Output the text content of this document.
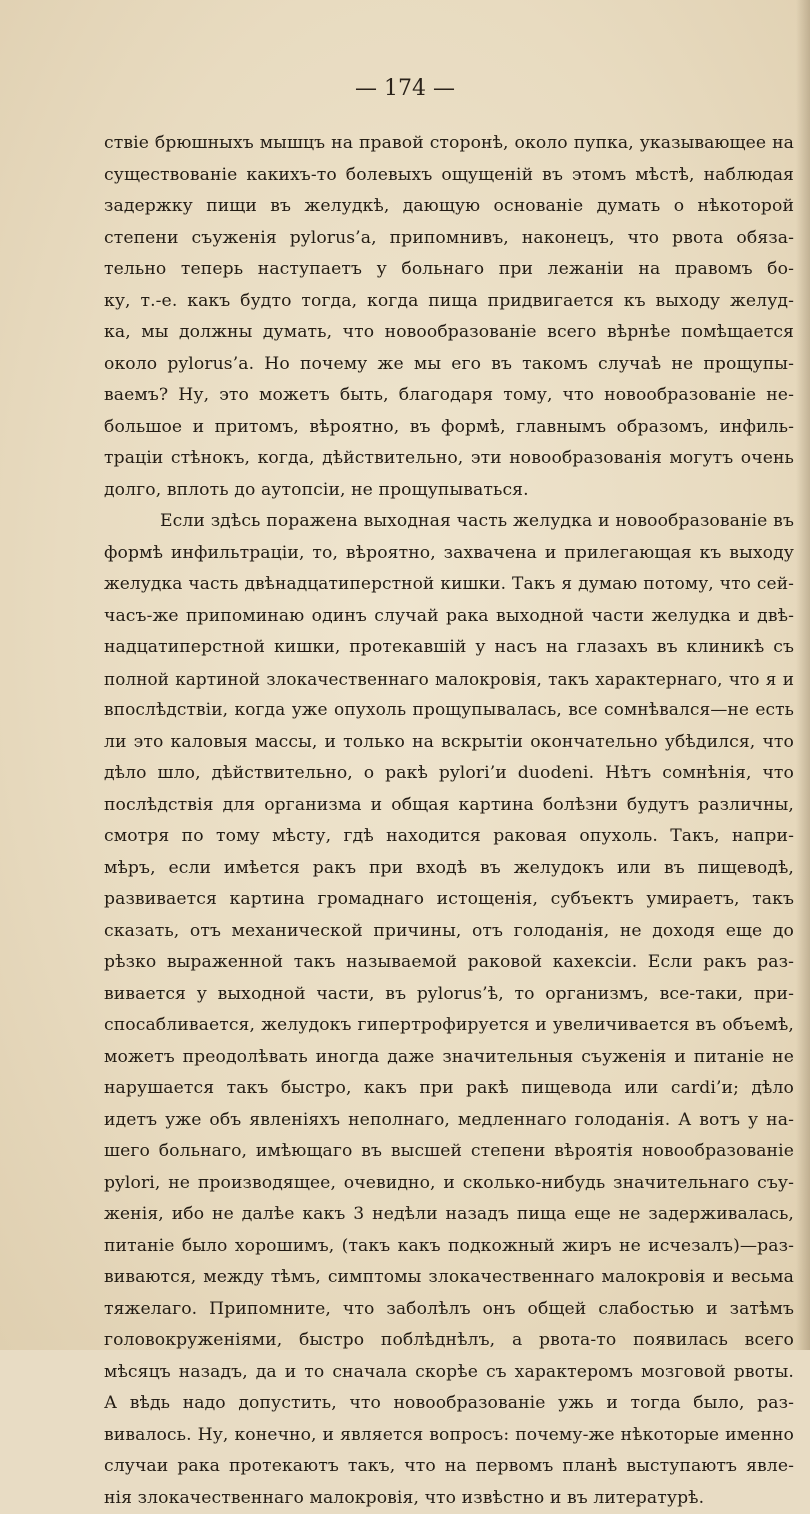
— 174 —
ствіе брюшныхъ мышцъ на правой сторонѣ, около пупка, указывающее на
существованіе какихъ-то болевыхъ ощущеній въ этомъ мѣстѣ, наблюдая
задержку пищи въ желудкѣ, дающую основаніе думать о нѣкоторой
степени съуженія pylorus’a, припомнивъ, наконецъ, что рвота обяза-
тельно теперь наступаетъ у больнаго при лежаніи на правомъ бо-
ку, т.-е. какъ будто тогда, когда пища придвигается къ выходу желуд-
ка, мы должны думать, что новообразованіе всего вѣрнѣе помѣщается
около pylorus’a. Но почему же мы его въ такомъ случаѣ не прощупы-
ваемъ? Ну, это можетъ быть, благодаря тому, что новообразованіе не-
большое и притомъ, вѣроятно, въ формѣ, главнымъ образомъ, инфиль-
траціи стѣнокъ, когда, дѣйствительно, эти новообразованія могутъ очень
долго, вплоть до аутопсіи, не прощупываться.
Если здѣсь поражена выходная часть желудка и новообразованіе въ
формѣ инфильтраціи, то, вѣроятно, захвачена и прилегающая къ выходу
желудка часть двѣнадцатиперстной кишки. Такъ я думаю потому, что сей-
часъ-же припоминаю одинъ случай рака выходной части желудка и двѣ-
надцатиперстной кишки, протекавшій у насъ на глазахъ въ клиникѣ съ
полной картиной злокачественнаго малокровія, такъ характернаго, что я и
впослѣдствіи, когда уже опухоль прощупывалась, все сомнѣвался—не есть
ли это каловыя массы, и только на вскрытіи окончательно убѣдился, что
дѣло шло, дѣйствительно, о ракѣ pylori’и duodeni. Нѣтъ сомнѣнія, что
послѣдствія для организма и общая картина болѣзни будутъ различны,
смотря по тому мѣсту, гдѣ находится раковая опухоль. Такъ, напри-
мѣръ, если имѣется ракъ при входѣ въ желудокъ или въ пищеводѣ,
развивается картина громаднаго истощенія, субъектъ умираетъ, такъ
сказать, отъ механической причины, отъ голоданія, не доходя еще до
рѣзко выраженной такъ называемой раковой кахексіи. Если ракъ раз-
вивается у выходной части, въ pylorus’ѣ, то организмъ, все-таки, при-
спосабливается, желудокъ гипертрофируется и увеличивается въ объемѣ,
можетъ преодолѣвать иногда даже значительныя съуженія и питаніе не
нарушается такъ быстро, какъ при ракѣ пищевода или cardi’и; дѣло
идетъ уже объ явленіяхъ неполнаго, медленнаго голоданія. А вотъ у на-
шего больнаго, имѣющаго въ высшей степени вѣроятія новообразованіе
pylori, не производящее, очевидно, и сколько-нибудь значительнаго съу-
женія, ибо не далѣе какъ 3 недѣли назадъ пища еще не задерживалась,
питаніе было хорошимъ, (такъ какъ подкожный жиръ не исчезалъ)—раз-
виваются, между тѣмъ, симптомы злокачественнаго малокровія и весьма
тяжелаго. Припомните, что заболѣлъ онъ общей слабостью и затѣмъ
головокруженіями, быстро поблѣднѣлъ, а рвота-то появилась всего
мѣсяцъ назадъ, да и то сначала скорѣе съ характеромъ мозговой рвоты.
А вѣдь надо допустить, что новообразованіе ужь и тогда было, раз-
вивалось. Ну, конечно, и является вопросъ: почему-же нѣкоторые именно
случаи рака протекаютъ такъ, что на первомъ планѣ выступаютъ явле-
нія злокачественнаго малокровія, что извѣстно и въ литературѣ.
